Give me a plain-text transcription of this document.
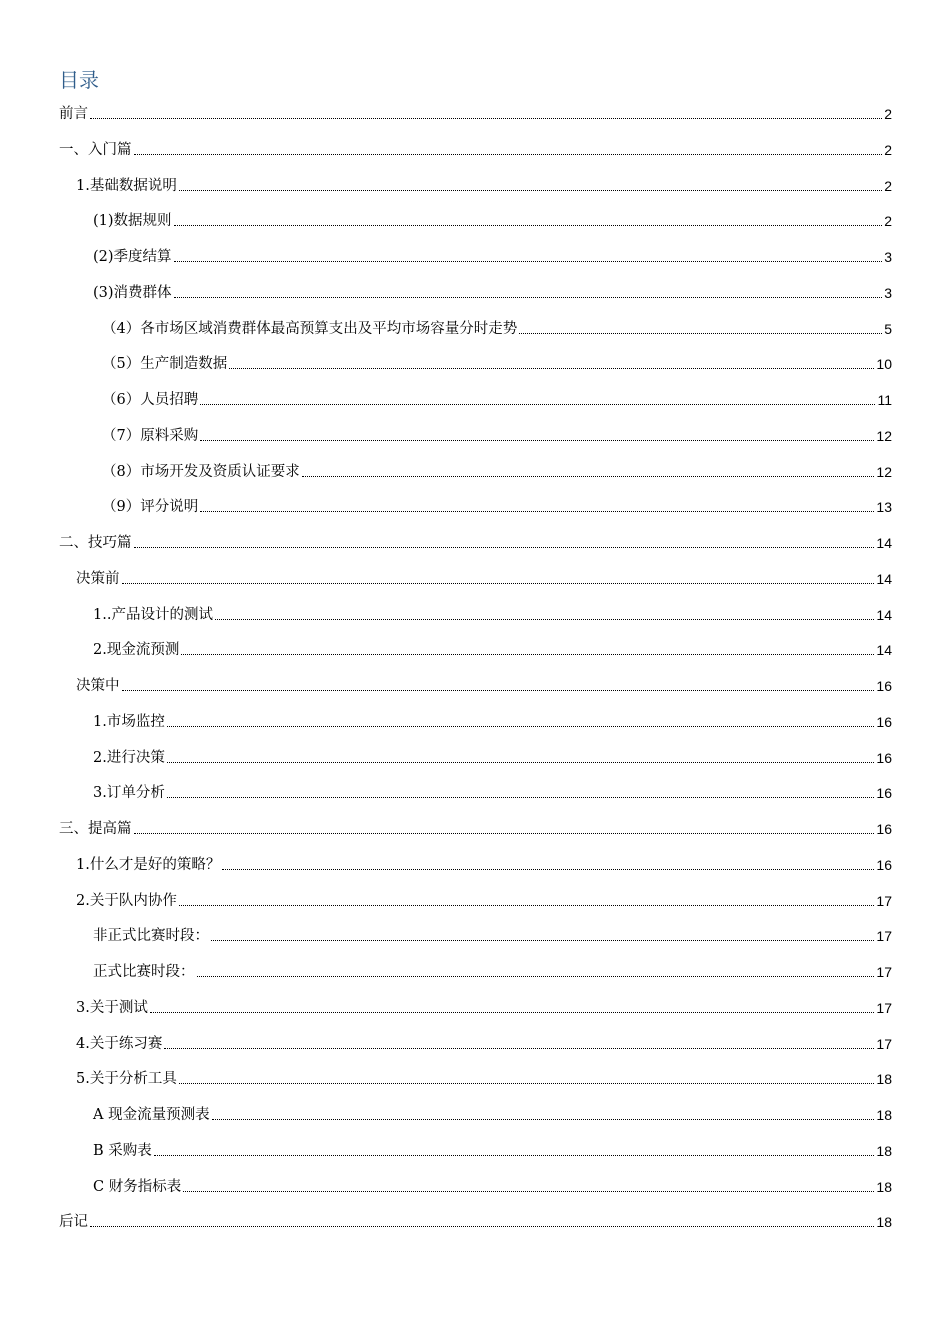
目录
前言	2
一、入门篇	2
1.基础数据说明	2
(1)数据规则	2
(2)季度结算	3
(3)消费群体	3
（4）各市场区域消费群体最高预算支出及平均市场容量分时走势	5
（5）生产制造数据	10
（6）人员招聘	11
（7）原料采购	12
（8）市场开发及资质认证要求	12
（9）评分说明	13
二、技巧篇	14
决策前	14
1..产品设计的测试	14
2.现金流预测	14
决策中	16
1.市场监控	16
2.进行决策	16
3.订单分析	16
三、提高篇	16
1.什么才是好的策略？	16
2.关于队内协作	17
非正式比赛时段：	17
正式比赛时段：	17
3.关于测试	17
4.关于练习赛	17
5.关于分析工具	18
A 现金流量预测表	18
B 采购表	18
C 财务指标表	18
后记	18
